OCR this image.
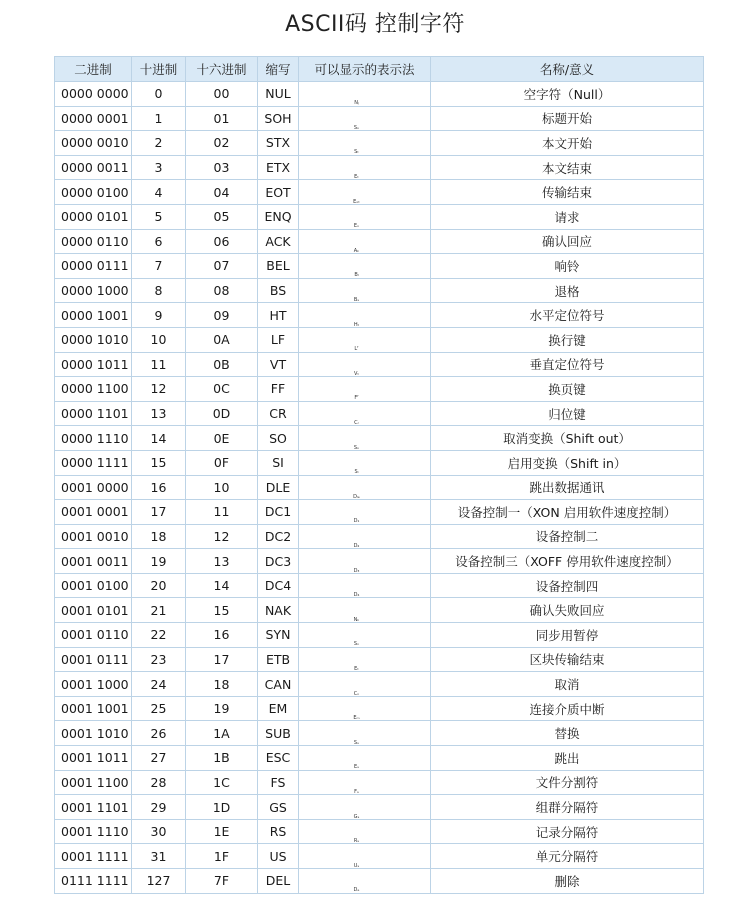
ASCII码 控制字符
二进制	十进制	十六进制	缩写	可以显示的表示法	名称/意义
0000 0000	0	00	NUL	Nⱼ	空字符（Null）
0000 0001	1	01	SOH	Sₒ	标题开始
0000 0010	2	02	STX	Sₜ	本文开始
0000 0011	3	03	ETX	Eₜ	本文结束
0000 0100	4	04	EOT	Eₒₜ	传输结束
0000 0101	5	05	ENQ	Eₙ	请求
0000 0110	6	06	ACK	Aₖ	确认回应
0000 0111	7	07	BEL	Bₗ	响铃
0000 1000	8	08	BS	Bₛ	退格
0000 1001	9	09	HT	Hₜ	水平定位符号
0000 1010	10	0A	LF	Lᶠ	换行键
0000 1011	11	0B	VT	Vₜ	垂直定位符号
0000 1100	12	0C	FF	Fᶠ	换页键
0000 1101	13	0D	CR	Cᵣ	归位键
0000 1110	14	0E	SO	Sₒ	取消变换（Shift out）
0000 1111	15	0F	SI	Sᵢ	启用变换（Shift in）
0001 0000	16	10	DLE	Dₗₑ	跳出数据通讯
0001 0001	17	11	DC1	D₁	设备控制一（XON 启用软件速度控制）
0001 0010	18	12	DC2	D₂	设备控制二
0001 0011	19	13	DC3	D₃	设备控制三（XOFF 停用软件速度控制）
0001 0100	20	14	DC4	D₄	设备控制四
0001 0101	21	15	NAK	Nₖ	确认失败回应
0001 0110	22	16	SYN	Sₙ	同步用暂停
0001 0111	23	17	ETB	Eₜ	区块传输结束
0001 1000	24	18	CAN	Cₙ	取消
0001 1001	25	19	EM	Eₘ	连接介质中断
0001 1010	26	1A	SUB	Sᵤ	替换
0001 1011	27	1B	ESC	Eₛ	跳出
0001 1100	28	1C	FS	Fₛ	文件分割符
0001 1101	29	1D	GS	Gₛ	组群分隔符
0001 1110	30	1E	RS	Rₛ	记录分隔符
0001 1111	31	1F	US	Uₛ	单元分隔符
0111 1111	127	7F	DEL	Dₑ	删除
